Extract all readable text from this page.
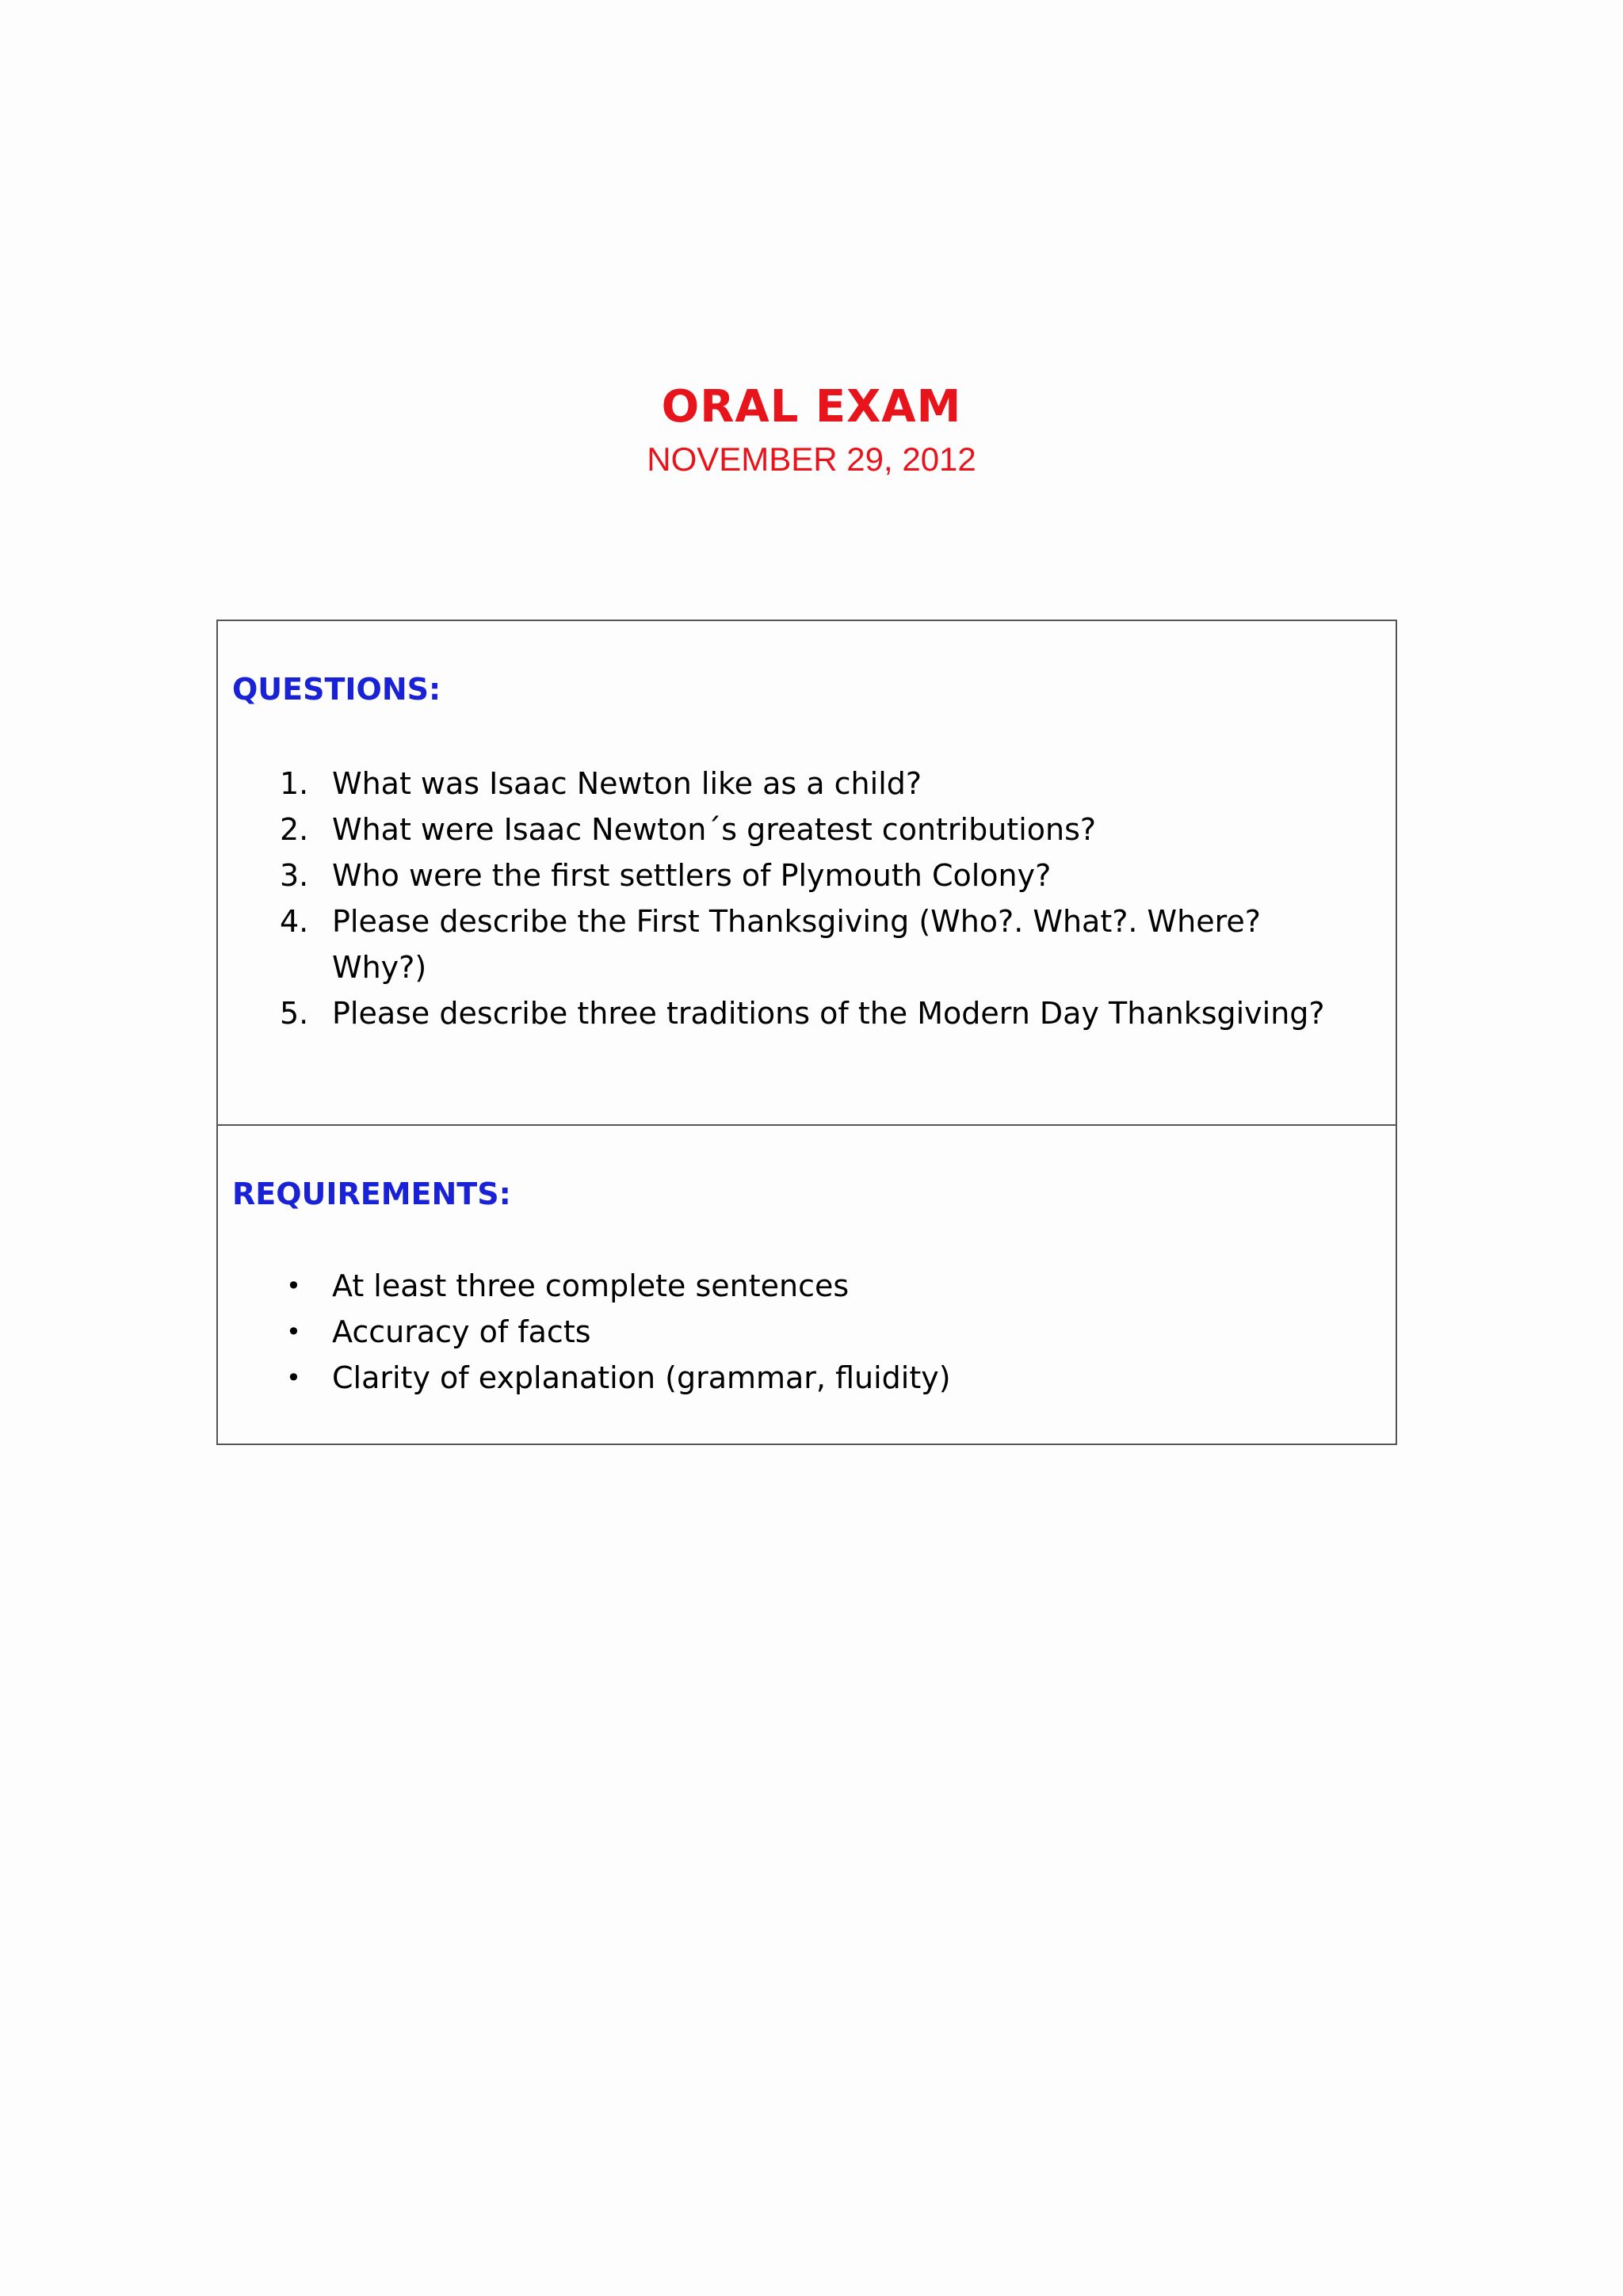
ORAL EXAM
NOVEMBER 29, 2012
QUESTIONS:
1. What was Isaac Newton like as a child?
2. What were Isaac Newton´s greatest contributions?
3. Who were the first settlers of Plymouth Colony?
4. Please describe the First Thanksgiving (Who?. What?. Where? Why?)
5. Please describe three traditions of the Modern Day Thanksgiving?
REQUIREMENTS:
• At least three complete sentences
• Accuracy of facts
• Clarity of explanation (grammar, fluidity)
